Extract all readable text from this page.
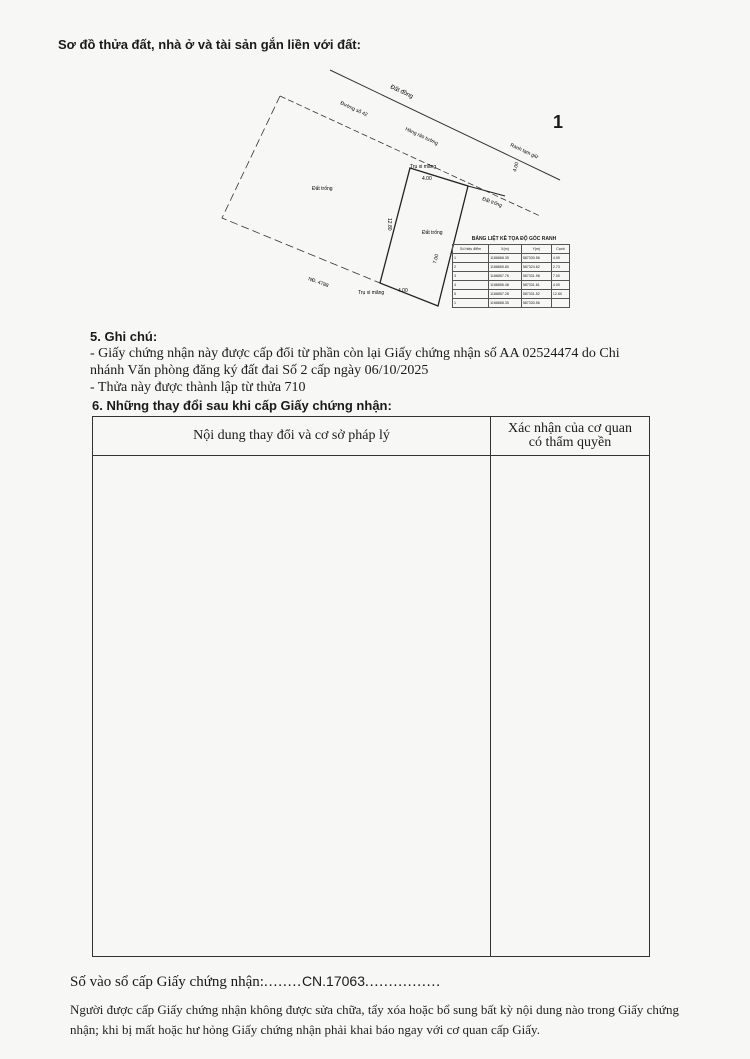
Sơ đồ thửa đất, nhà ở và tài sản gắn liền với đất:
Đất đồng
Đường số 42
Hàng rào tường
Ranh tạm giữ
Đất trống
Trụ xi măng
Trụ xi măng
Đất trống
Đất trống
NĐ. 4788
4.00
12.80
4.00
7.00
4.00
BẢNG LIỆT KÊ TỌA ĐỘ GÓC RANH
Số hiệu điểm	X(m)	Y(m)	Cạnh
1	1188868.35	587330.56	4.00
2	1188865.80	587324.62	2.73
3	1188857.76	587331.98	7.00
4	1188856.48	587331.61	4.00
5	1188857.28	587331.52	12.80
1	1188868.35	587330.56	
1
5. Ghi chú:
- Giấy chứng nhận này được cấp đổi từ phần còn lại Giấy chứng nhận số AA 02524474 do Chi nhánh Văn phòng đăng ký đất đai Số 2 cấp ngày 06/10/2025
- Thửa này được thành lập từ thửa 710
6. Những thay đổi sau khi cấp Giấy chứng nhận:
Nội dung thay đổi và cơ sở pháp lý	Xác nhận của cơ quan
có thẩm quyền

Số vào sổ cấp Giấy chứng nhận:........CN.17063................
Người được cấp Giấy chứng nhận không được sửa chữa, tẩy xóa hoặc bổ sung bất kỳ nội dung nào trong Giấy chứng nhận; khi bị mất hoặc hư hỏng Giấy chứng nhận phải khai báo ngay với cơ quan cấp Giấy.
